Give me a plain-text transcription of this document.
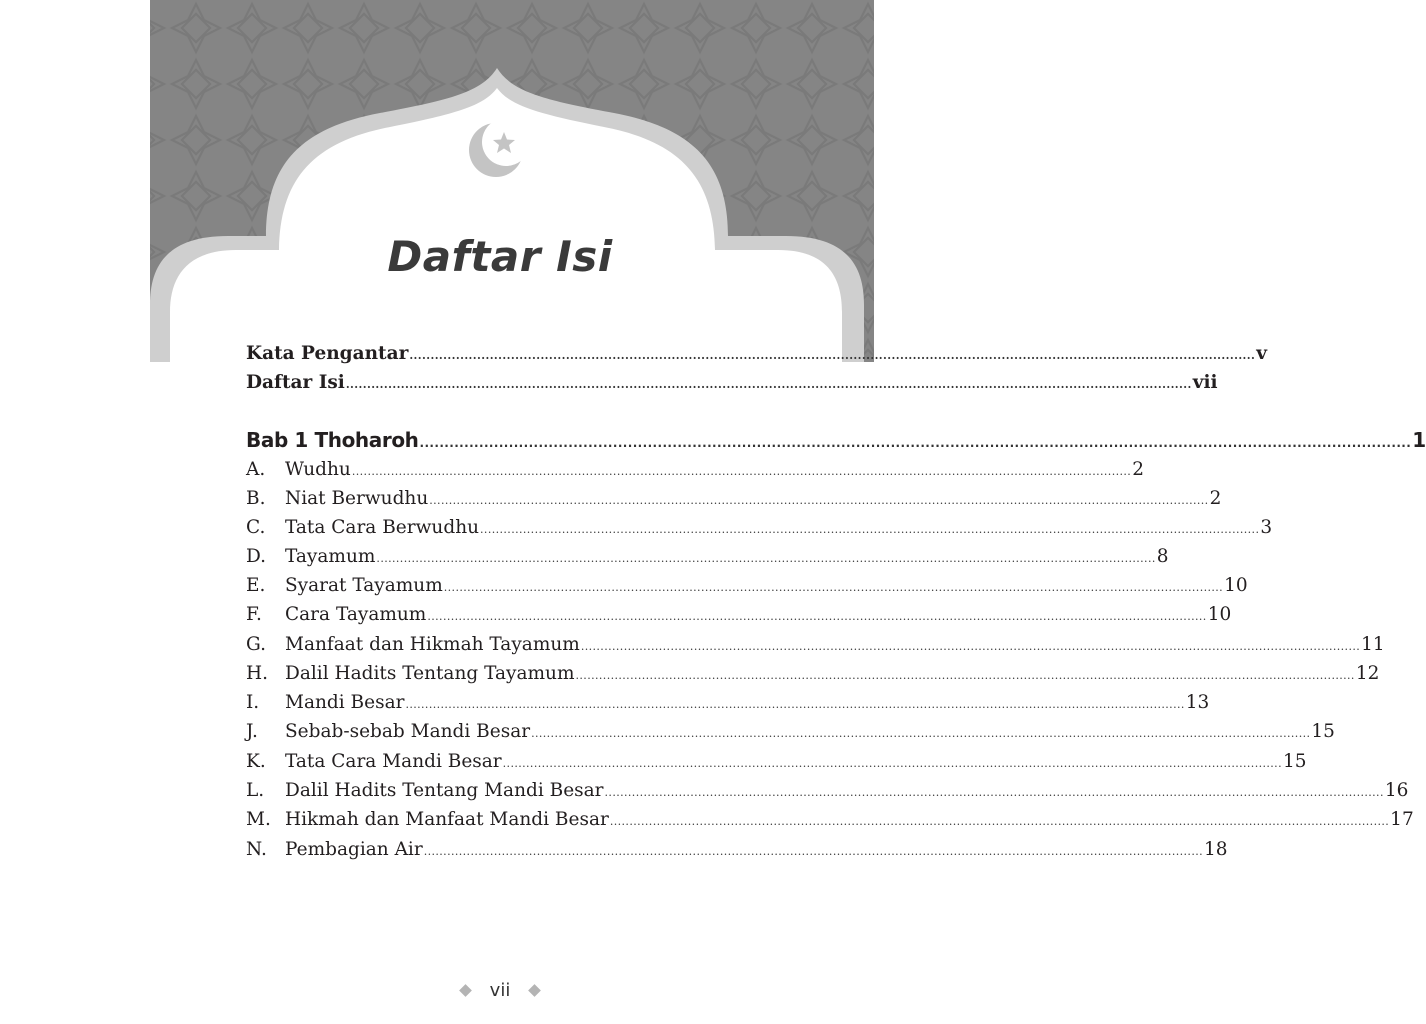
Daftar Isi
Kata Pengantar ........................................................................................................................................................................................................ v
Daftar Isi ........................................................................................................................................................................................................ vii
Bab 1 Thoharoh ........................................................................................................................................................................................................ 1
A.	Wudhu ........................................................................................................................................................................................................ 2
B.	Niat Berwudhu ........................................................................................................................................................................................................ 2
C.	Tata Cara Berwudhu ........................................................................................................................................................................................................ 3
D.	Tayamum ........................................................................................................................................................................................................ 8
E.	Syarat Tayamum ........................................................................................................................................................................................................ 10
F.	Cara Tayamum ........................................................................................................................................................................................................ 10
G.	Manfaat dan Hikmah Tayamum ........................................................................................................................................................................................................ 11
H. Dalil Hadits Tentang Tayamum ........................................................................................................................................................................................................ 12
I.	Mandi Besar ........................................................................................................................................................................................................ 13
J.	Sebab-sebab Mandi Besar ........................................................................................................................................................................................................ 15
K.	Tata Cara Mandi Besar ........................................................................................................................................................................................................ 15
L.	Dalil Hadits Tentang Mandi Besar ........................................................................................................................................................................................................ 16
M. Hikmah dan Manfaat Mandi Besar ........................................................................................................................................................................................................ 17
N. Pembagian Air ........................................................................................................................................................................................................ 18
vii
